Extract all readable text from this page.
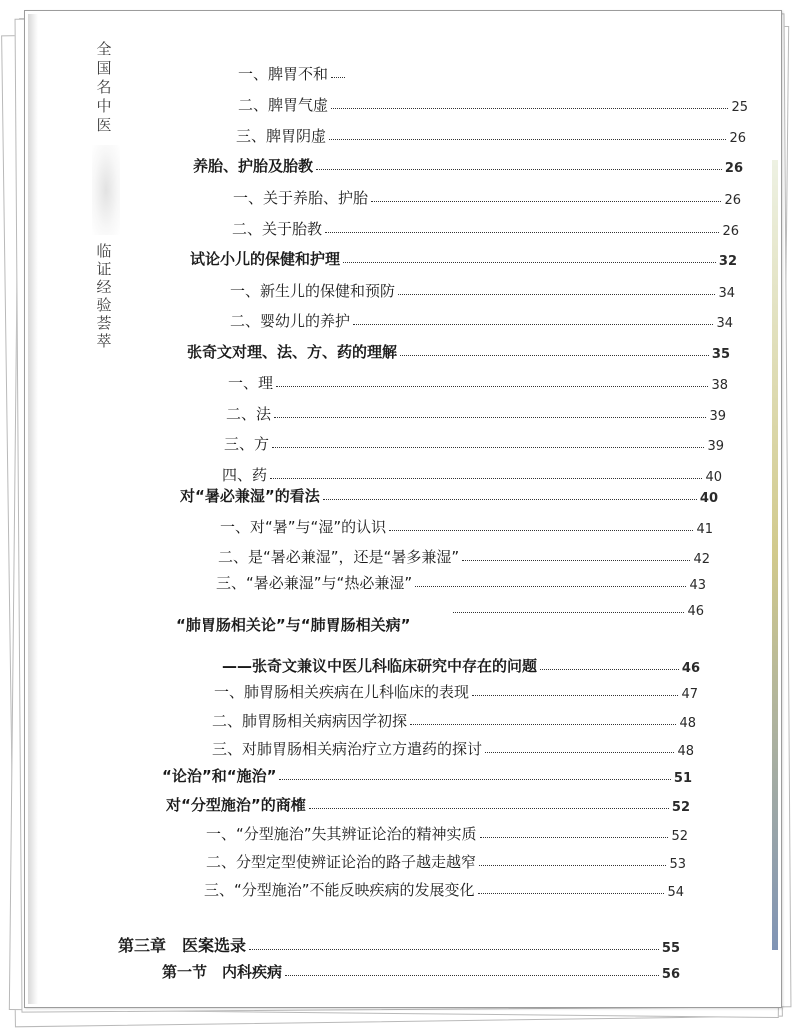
全国名中医
临证经验荟萃
一、脾胃不和
二、脾胃气虚	25
三、脾胃阴虚	26
养胎、护胎及胎教	26
一、关于养胎、护胎	26
二、关于胎教	26
试论小儿的保健和护理	32
一、新生儿的保健和预防	34
二、婴幼儿的养护	34
张奇文对理、法、方、药的理解	35
一、理	38
二、法	39
三、方	39
四、药	40
对“暑必兼湿”的看法	40
一、对“暑”与“湿”的认识	41
二、是“暑必兼湿”，还是“暑多兼湿”	42
三、“暑必兼湿”与“热必兼湿”	43
46
“肺胃肠相关论”与“肺胃肠相关病”
——张奇文兼议中医儿科临床研究中存在的问题	46
一、肺胃肠相关疾病在儿科临床的表现	47
二、肺胃肠相关病病因学初探	48
三、对肺胃肠相关病治疗立方遣药的探讨	48
“论治”和“施治”	51
对“分型施治”的商榷	52
一、“分型施治”失其辨证论治的精神实质	52
二、分型定型使辨证论治的路子越走越窄	53
三、“分型施治”不能反映疾病的发展变化	54
第三章　医案选录	55
第一节　内科疾病	56
